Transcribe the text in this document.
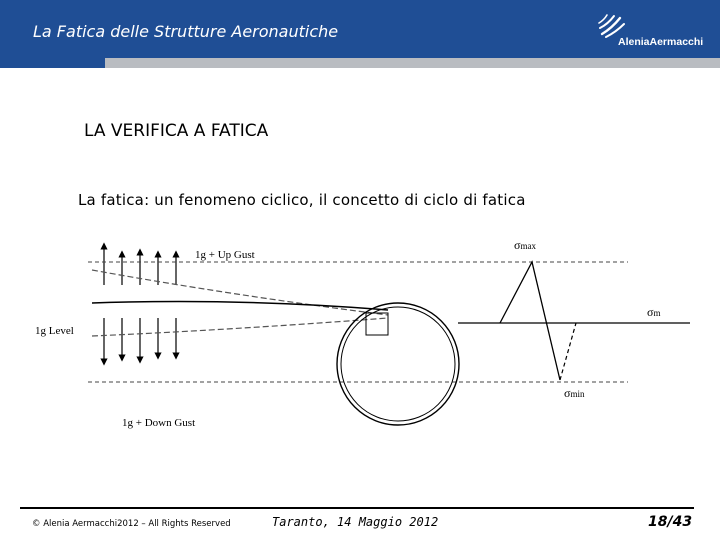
La Fatica delle Strutture Aeronautiche
AleniaAermacchi
LA VERIFICA A FATICA
La fatica: un fenomeno ciclico, il concetto di ciclo di fatica
1g + Up Gust
1g Level
1g + Down Gust
σmax
σm
σmin
© Alenia Aermacchi2012 – All Rights Reserved	Taranto, 14 Maggio 2012	18/43
